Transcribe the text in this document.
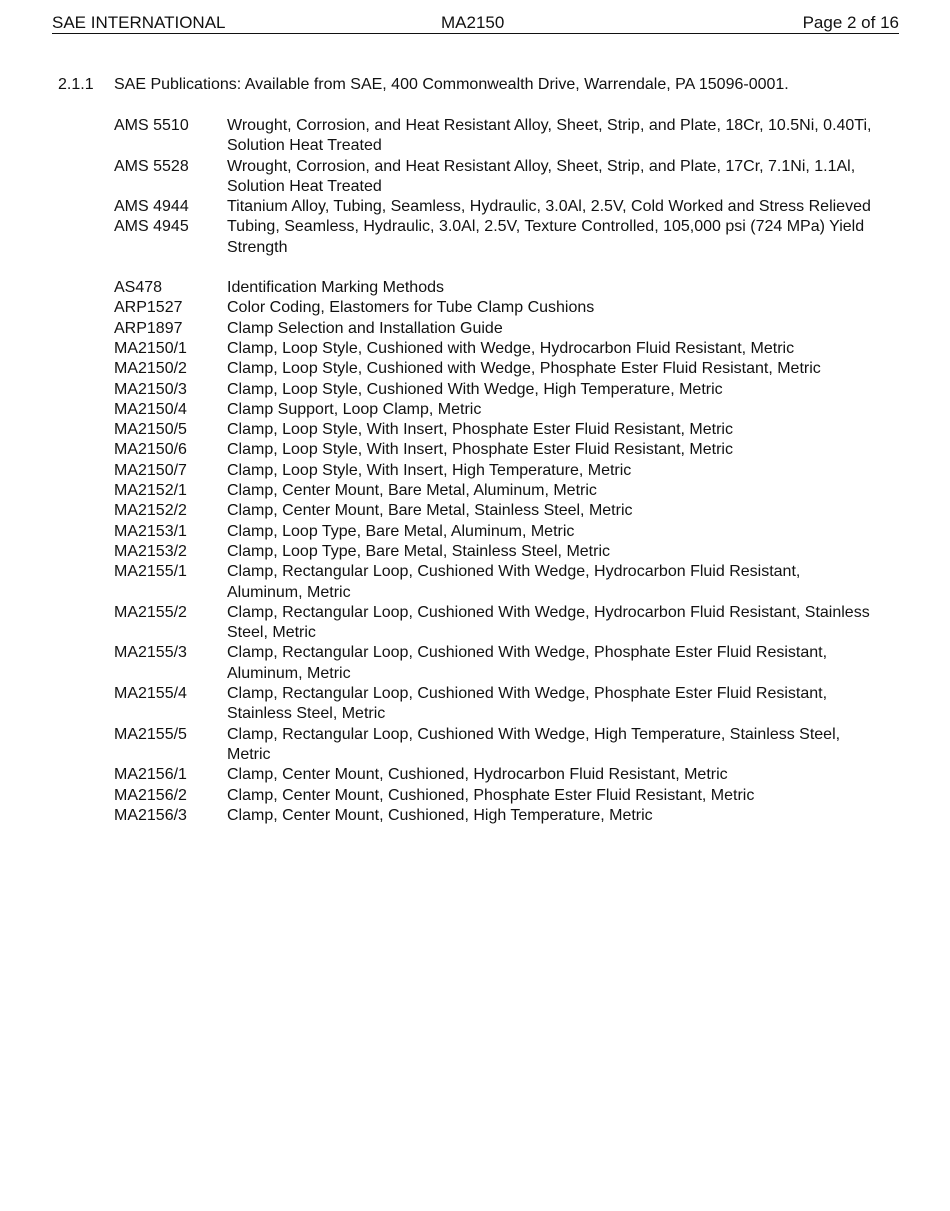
SAE INTERNATIONAL	MA2150	Page 2 of 16
2.1.1 SAE Publications: Available from SAE, 400 Commonwealth Drive, Warrendale, PA 15096-0001.
AMS 5510	Wrought, Corrosion, and Heat Resistant Alloy, Sheet, Strip, and Plate, 18Cr, 10.5Ni, 0.40Ti, Solution Heat Treated
AMS 5528	Wrought, Corrosion, and Heat Resistant Alloy, Sheet, Strip, and Plate, 17Cr, 7.1Ni, 1.1Al, Solution Heat Treated
AMS 4944	Titanium Alloy, Tubing, Seamless, Hydraulic, 3.0Al, 2.5V, Cold Worked and Stress Relieved
AMS 4945	Tubing, Seamless, Hydraulic, 3.0Al, 2.5V, Texture Controlled, 105,000 psi (724 MPa) Yield Strength
AS478	Identification Marking Methods
ARP1527	Color Coding, Elastomers for Tube Clamp Cushions
ARP1897	Clamp Selection and Installation Guide
MA2150/1	Clamp, Loop Style, Cushioned with Wedge, Hydrocarbon Fluid Resistant, Metric
MA2150/2	Clamp, Loop Style, Cushioned with Wedge, Phosphate Ester Fluid Resistant, Metric
MA2150/3	Clamp, Loop Style, Cushioned With Wedge, High Temperature, Metric
MA2150/4	Clamp Support, Loop Clamp, Metric
MA2150/5	Clamp, Loop Style, With Insert, Phosphate Ester Fluid Resistant, Metric
MA2150/6	Clamp, Loop Style, With Insert, Phosphate Ester Fluid Resistant, Metric
MA2150/7	Clamp, Loop Style, With Insert, High Temperature, Metric
MA2152/1	Clamp, Center Mount, Bare Metal, Aluminum, Metric
MA2152/2	Clamp, Center Mount, Bare Metal, Stainless Steel, Metric
MA2153/1	Clamp, Loop Type, Bare Metal, Aluminum, Metric
MA2153/2	Clamp, Loop Type, Bare Metal, Stainless Steel, Metric
MA2155/1	Clamp, Rectangular Loop, Cushioned With Wedge, Hydrocarbon Fluid Resistant, Aluminum, Metric
MA2155/2	Clamp, Rectangular Loop, Cushioned With Wedge, Hydrocarbon Fluid Resistant, Stainless Steel, Metric
MA2155/3	Clamp, Rectangular Loop, Cushioned With Wedge, Phosphate Ester Fluid Resistant, Aluminum, Metric
MA2155/4	Clamp, Rectangular Loop, Cushioned With Wedge, Phosphate Ester Fluid Resistant, Stainless Steel, Metric
MA2155/5	Clamp, Rectangular Loop, Cushioned With Wedge, High Temperature, Stainless Steel, Metric
MA2156/1	Clamp, Center Mount, Cushioned, Hydrocarbon Fluid Resistant, Metric
MA2156/2	Clamp, Center Mount, Cushioned, Phosphate Ester Fluid Resistant, Metric
MA2156/3	Clamp, Center Mount, Cushioned, High Temperature, Metric
